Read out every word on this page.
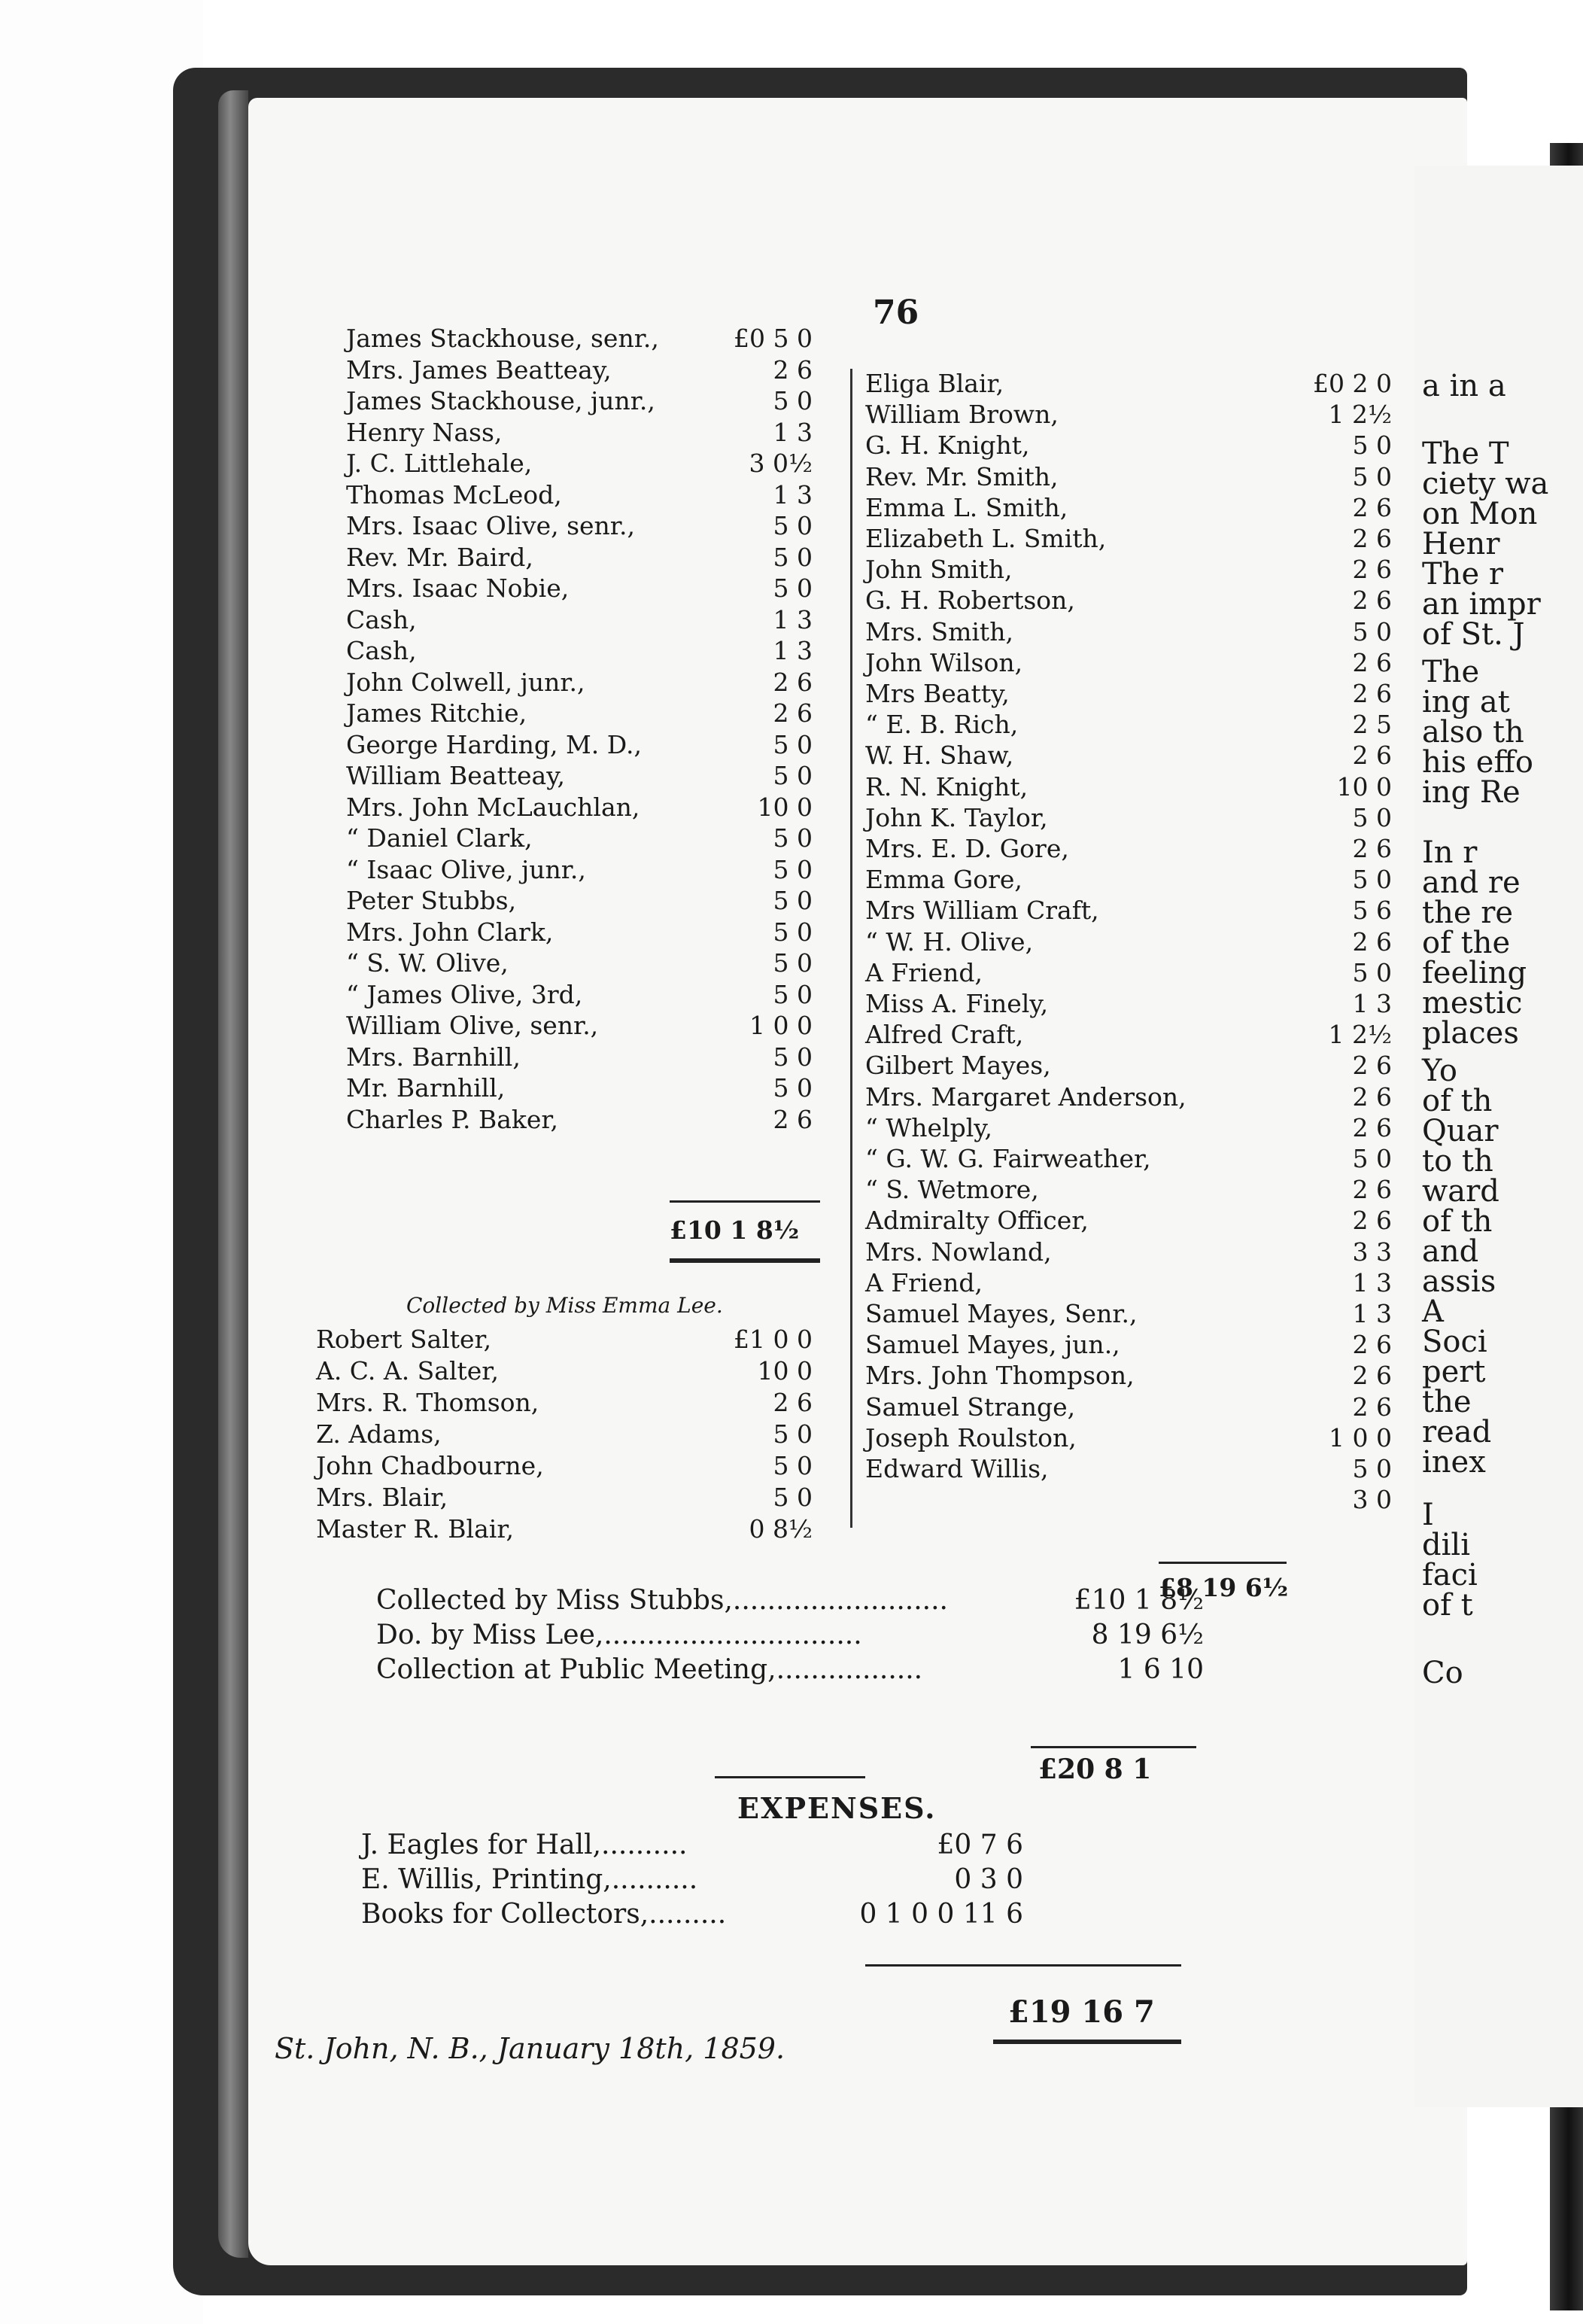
a in a
The T
ciety wa
on Mon
Henr
The r
an impr
of St. J
The
ing at
also th
his effo
ing Re
In r
and re
the re
of the
feeling
mestic
places
Yo
of th
Quar
to th
ward
of th
and
assis
A
Soci
pert
the
read
inex
I
dili
faci
of t
Co
76
James Stackhouse, senr.,	£0 5 0
Mrs. James Beatteay,	2 6
James Stackhouse, junr.,	5 0
Henry Nass,	1 3
J. C. Littlehale,	3 0½
Thomas McLeod,	1 3
Mrs. Isaac Olive, senr.,	5 0
Rev. Mr. Baird,	5 0
Mrs. Isaac Nobie,	5 0
Cash,	1 3
Cash,	1 3
John Colwell, junr.,	2 6
James Ritchie,	2 6
George Harding, M. D.,	5 0
William Beatteay,	5 0
Mrs. John McLauchlan,	10 0
“ Daniel Clark,	5 0
“ Isaac Olive, junr.,	5 0
Peter Stubbs,	5 0
Mrs. John Clark,	5 0
“ S. W. Olive,	5 0
“ James Olive, 3rd,	5 0
William Olive, senr.,	1 0 0
Mrs. Barnhill,	5 0
Mr. Barnhill,	5 0
Charles P. Baker,	2 6
Eliga Blair,	£0 2 0
William Brown,	1 2½
G. H. Knight,	5 0
Rev. Mr. Smith,	5 0
Emma L. Smith,	2 6
Elizabeth L. Smith,	2 6
John Smith,	2 6
G. H. Robertson,	2 6
Mrs. Smith,	5 0
John Wilson,	2 6
Mrs Beatty,	2 6
“ E. B. Rich,	2 5
W. H. Shaw,	2 6
R. N. Knight,	10 0
John K. Taylor,	5 0
Mrs. E. D. Gore,	2 6
Emma Gore,	5 0
Mrs William Craft,	5 6
“ W. H. Olive,	2 6
A Friend,	5 0
Miss A. Finely,	1 3
Alfred Craft,	1 2½
Gilbert Mayes,	2 6
Mrs. Margaret Anderson,	2 6
“ Whelply,	2 6
“ G. W. G. Fairweather,	5 0
“ S. Wetmore,	2 6
Admiralty Officer,	2 6
Mrs. Nowland,	3 3
A Friend,	1 3
Samuel Mayes, Senr.,	1 3
Samuel Mayes, jun.,	2 6
Mrs. John Thompson,	2 6
Samuel Strange,	2 6
Joseph Roulston,	1 0 0
Edward Willis,	5 0
3 0
£10 1 8½
Collected by Miss Emma Lee.
Robert Salter,	£1 0 0
A. C. A. Salter,	10 0
Mrs. R. Thomson,	2 6
Z. Adams,	5 0
John Chadbourne,	5 0
Mrs. Blair,	5 0
Master R. Blair,	0 8½
£8 19 6½
Collected by Miss Stubbs,.........................	£10 1 8½
Do. by Miss Lee,..............................	8 19 6½
Collection at Public Meeting,.................	1 6 10
£20 8 1
EXPENSES.
J. Eagles for Hall,..........	£0 7 6
E. Willis, Printing,..........	0 3 0
Books for Collectors,.........	0 1 0 0 11 6
£19 16 7
St. John, N. B., January 18th, 1859.
